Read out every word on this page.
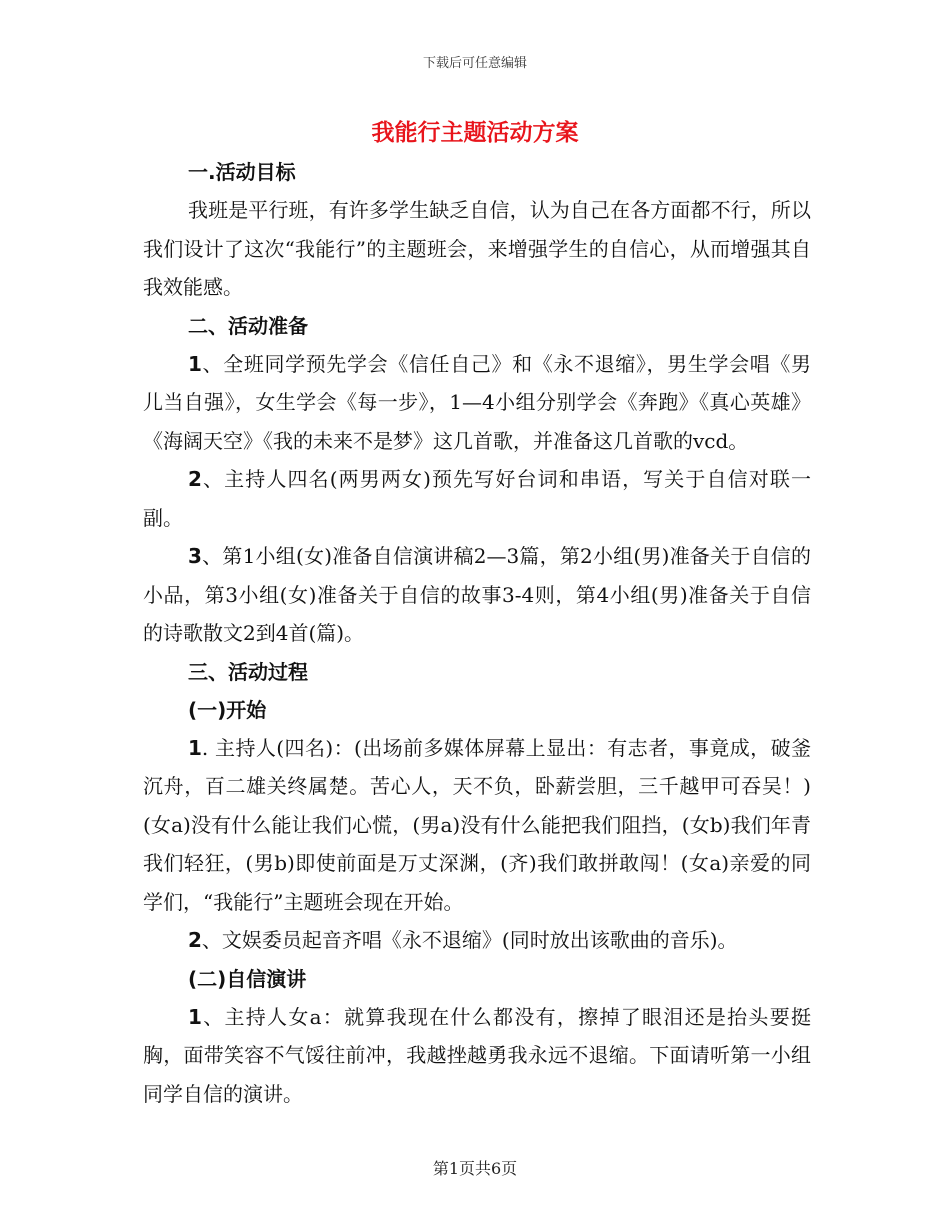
下载后可任意编辑
我能行主题活动方案

一.活动目标

我班是平行班，有许多学生缺乏自信，认为自己在各方面都不行，所以我们设计了这次“我能行”的主题班会，来增强学生的自信心，从而增强其自我效能感。

二、活动准备

1、全班同学预先学会《信任自己》和《永不退缩》，男生学会唱《男儿当自强》，女生学会《每一步》，1—4小组分别学会《奔跑》《真心英雄》《海阔天空》《我的未来不是梦》这几首歌，并准备这几首歌的vcd。

2、主持人四名(两男两女)预先写好台词和串语，写关于自信对联一副。

3、第1小组(女)准备自信演讲稿2—3篇，第2小组(男)准备关于自信的小品，第3小组(女)准备关于自信的故事3-4则，第4小组(男)准备关于自信的诗歌散文2到4首(篇)。

三、活动过程

(一)开始

1. 主持人(四名)：(出场前多媒体屏幕上显出：有志者，事竟成，破釜沉舟，百二雄关终属楚。苦心人，天不负，卧薪尝胆，三千越甲可吞吴！)(女a)没有什么能让我们心慌，(男a)没有什么能把我们阻挡，(女b)我们年青我们轻狂，(男b)即使前面是万丈深渊，(齐)我们敢拼敢闯！(女a)亲爱的同学们，“我能行”主题班会现在开始。

2、文娱委员起音齐唱《永不退缩》(同时放出该歌曲的音乐)。

(二)自信演讲

1、主持人女a：就算我现在什么都没有，擦掉了眼泪还是抬头要挺胸，面带笑容不气馁往前冲，我越挫越勇我永远不退缩。下面请听第一小组同学自信的演讲。

第1页共6页
